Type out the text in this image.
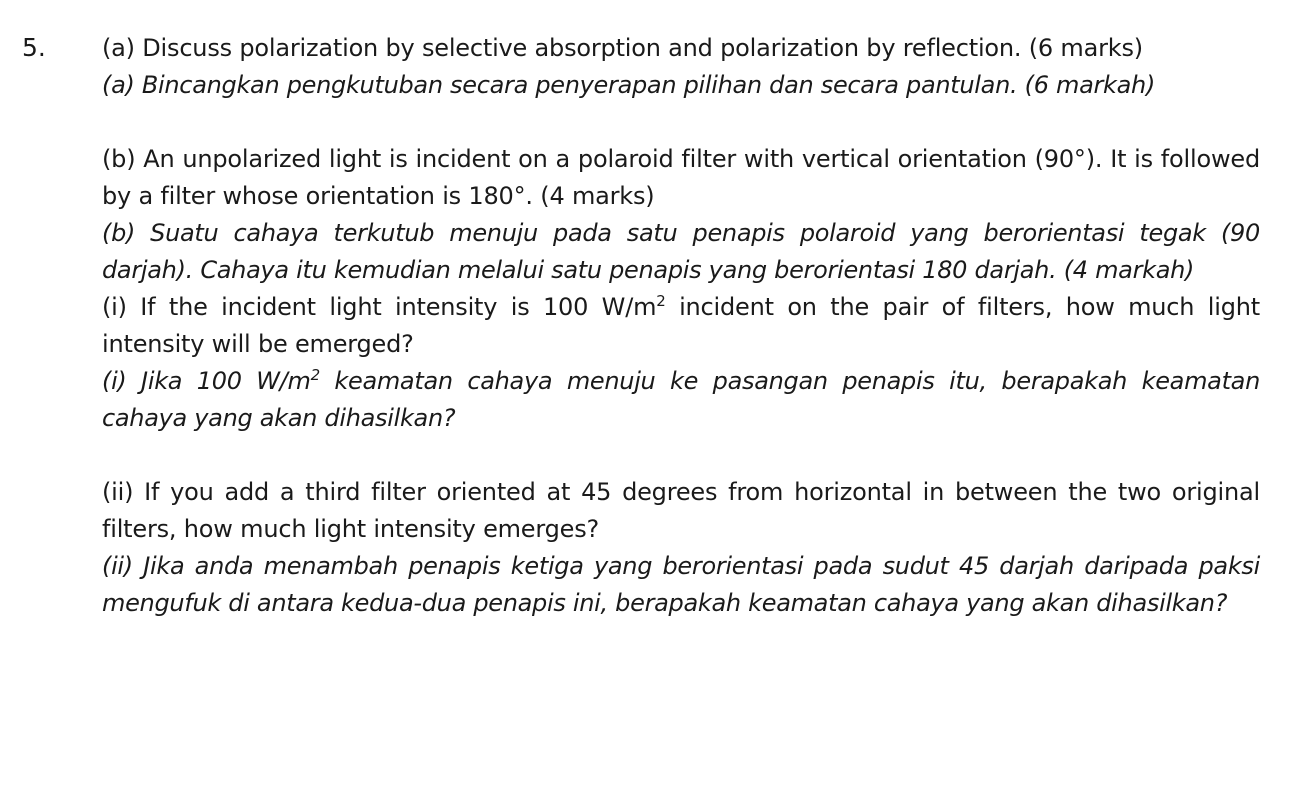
5. (a) Discuss polarization by selective absorption and polarization by reflection. (6 marks)

(a) Bincangkan pengkutuban secara penyerapan pilihan dan secara pantulan. (6 markah)

(b) An unpolarized light is incident on a polaroid filter with vertical orientation (90°). It is followed by a filter whose orientation is 180°. (4 marks)

(b) Suatu cahaya terkutub menuju pada satu penapis polaroid yang berorientasi tegak (90 darjah). Cahaya itu kemudian melalui satu penapis yang berorientasi 180 darjah. (4 markah)

(i) If the incident light intensity is 100 $W/m^2$ incident on the pair of filters, how much light intensity will be emerged?

(i) Jika 100 $W/m^2$ keamatan cahaya menuju ke pasangan penapis itu, berapakah keamatan cahaya yang akan dihasilkan?

(ii) If you add a third filter oriented at 45 degrees from horizontal in between the two original filters, how much light intensity emerges?

(ii) Jika anda menambah penapis ketiga yang berorientasi pada sudut 45 darjah daripada paksi mengufuk di antara kedua-dua penapis ini, berapakah keamatan cahaya yang akan dihasilkan?
